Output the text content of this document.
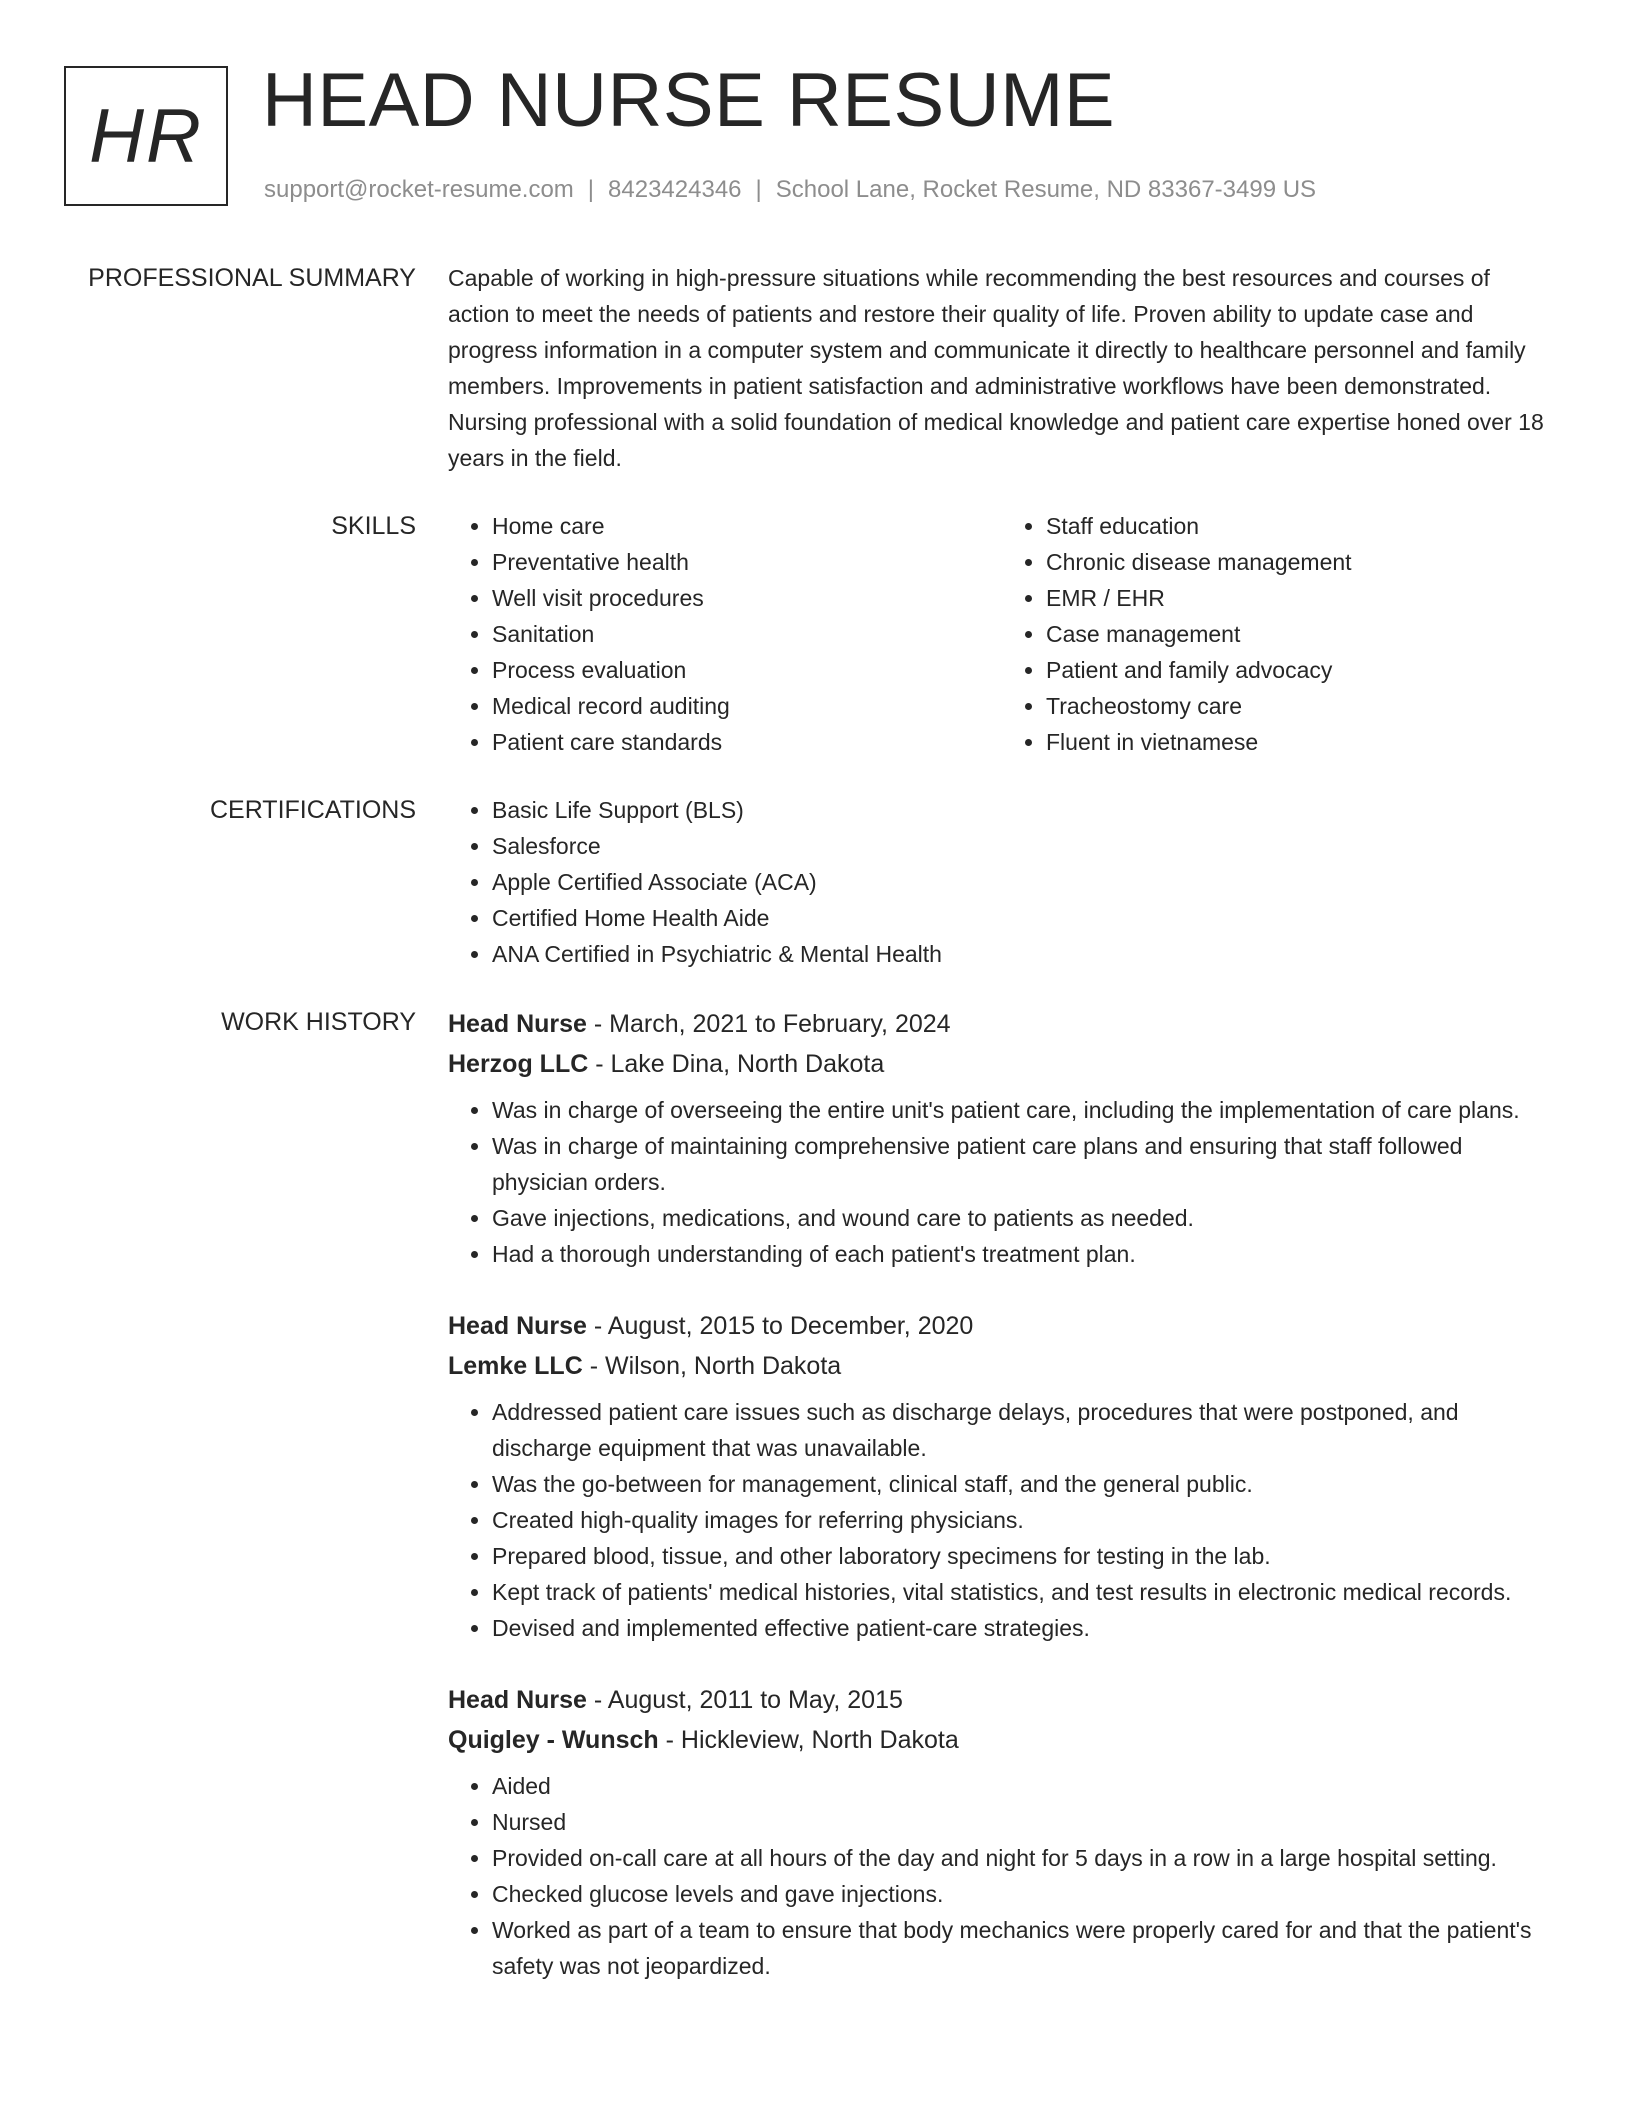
HR HEAD NURSE RESUME
support@rocket-resume.com | 8423424346 | School Lane, Rocket Resume, ND 83367-3499 US
PROFESSIONAL SUMMARY Capable of working in high-pressure situations while recommending the best resources and courses of action to meet the needs of patients and restore their quality of life. Proven ability to update case and progress information in a computer system and communicate it directly to healthcare personnel and family members. Improvements in patient satisfaction and administrative workflows have been demonstrated. Nursing professional with a solid foundation of medical knowledge and patient care expertise honed over 18 years in the field.

SKILLS	• Home care
• Preventative health
• Well visit procedures
• Sanitation
• Process evaluation
• Medical record auditing
• Patient care standards
• Staff education
• Chronic disease management
• EMR / EHR
• Case management
• Patient and family advocacy
• Tracheostomy care
• Fluent in vietnamese
CERTIFICATIONS	• Basic Life Support (BLS)
• Salesforce
• Apple Certified Associate (ACA)
• Certified Home Health Aide
• ANA Certified in Psychiatric & Mental Health
WORK HISTORY Head Nurse - March, 2021 to February, 2024
Herzog LLC - Lake Dina, North Dakota
• Was in charge of overseeing the entire unit's patient care, including the implementation of care plans.
• Was in charge of maintaining comprehensive patient care plans and ensuring that staff followed physician orders.
• Gave injections, medications, and wound care to patients as needed.
• Had a thorough understanding of each patient's treatment plan.
Head Nurse - August, 2015 to December, 2020
Lemke LLC - Wilson, North Dakota
• Addressed patient care issues such as discharge delays, procedures that were postponed, and discharge equipment that was unavailable.
• Was the go-between for management, clinical staff, and the general public.
• Created high-quality images for referring physicians.
• Prepared blood, tissue, and other laboratory specimens for testing in the lab.
• Kept track of patients' medical histories, vital statistics, and test results in electronic medical records.
• Devised and implemented effective patient-care strategies.
Head Nurse - August, 2011 to May, 2015
Quigley - Wunsch - Hickleview, North Dakota
• Aided
• Nursed
• Provided on-call care at all hours of the day and night for 5 days in a row in a large hospital setting.
• Checked glucose levels and gave injections.
• Worked as part of a team to ensure that body mechanics were properly cared for and that the patient's safety was not jeopardized.
